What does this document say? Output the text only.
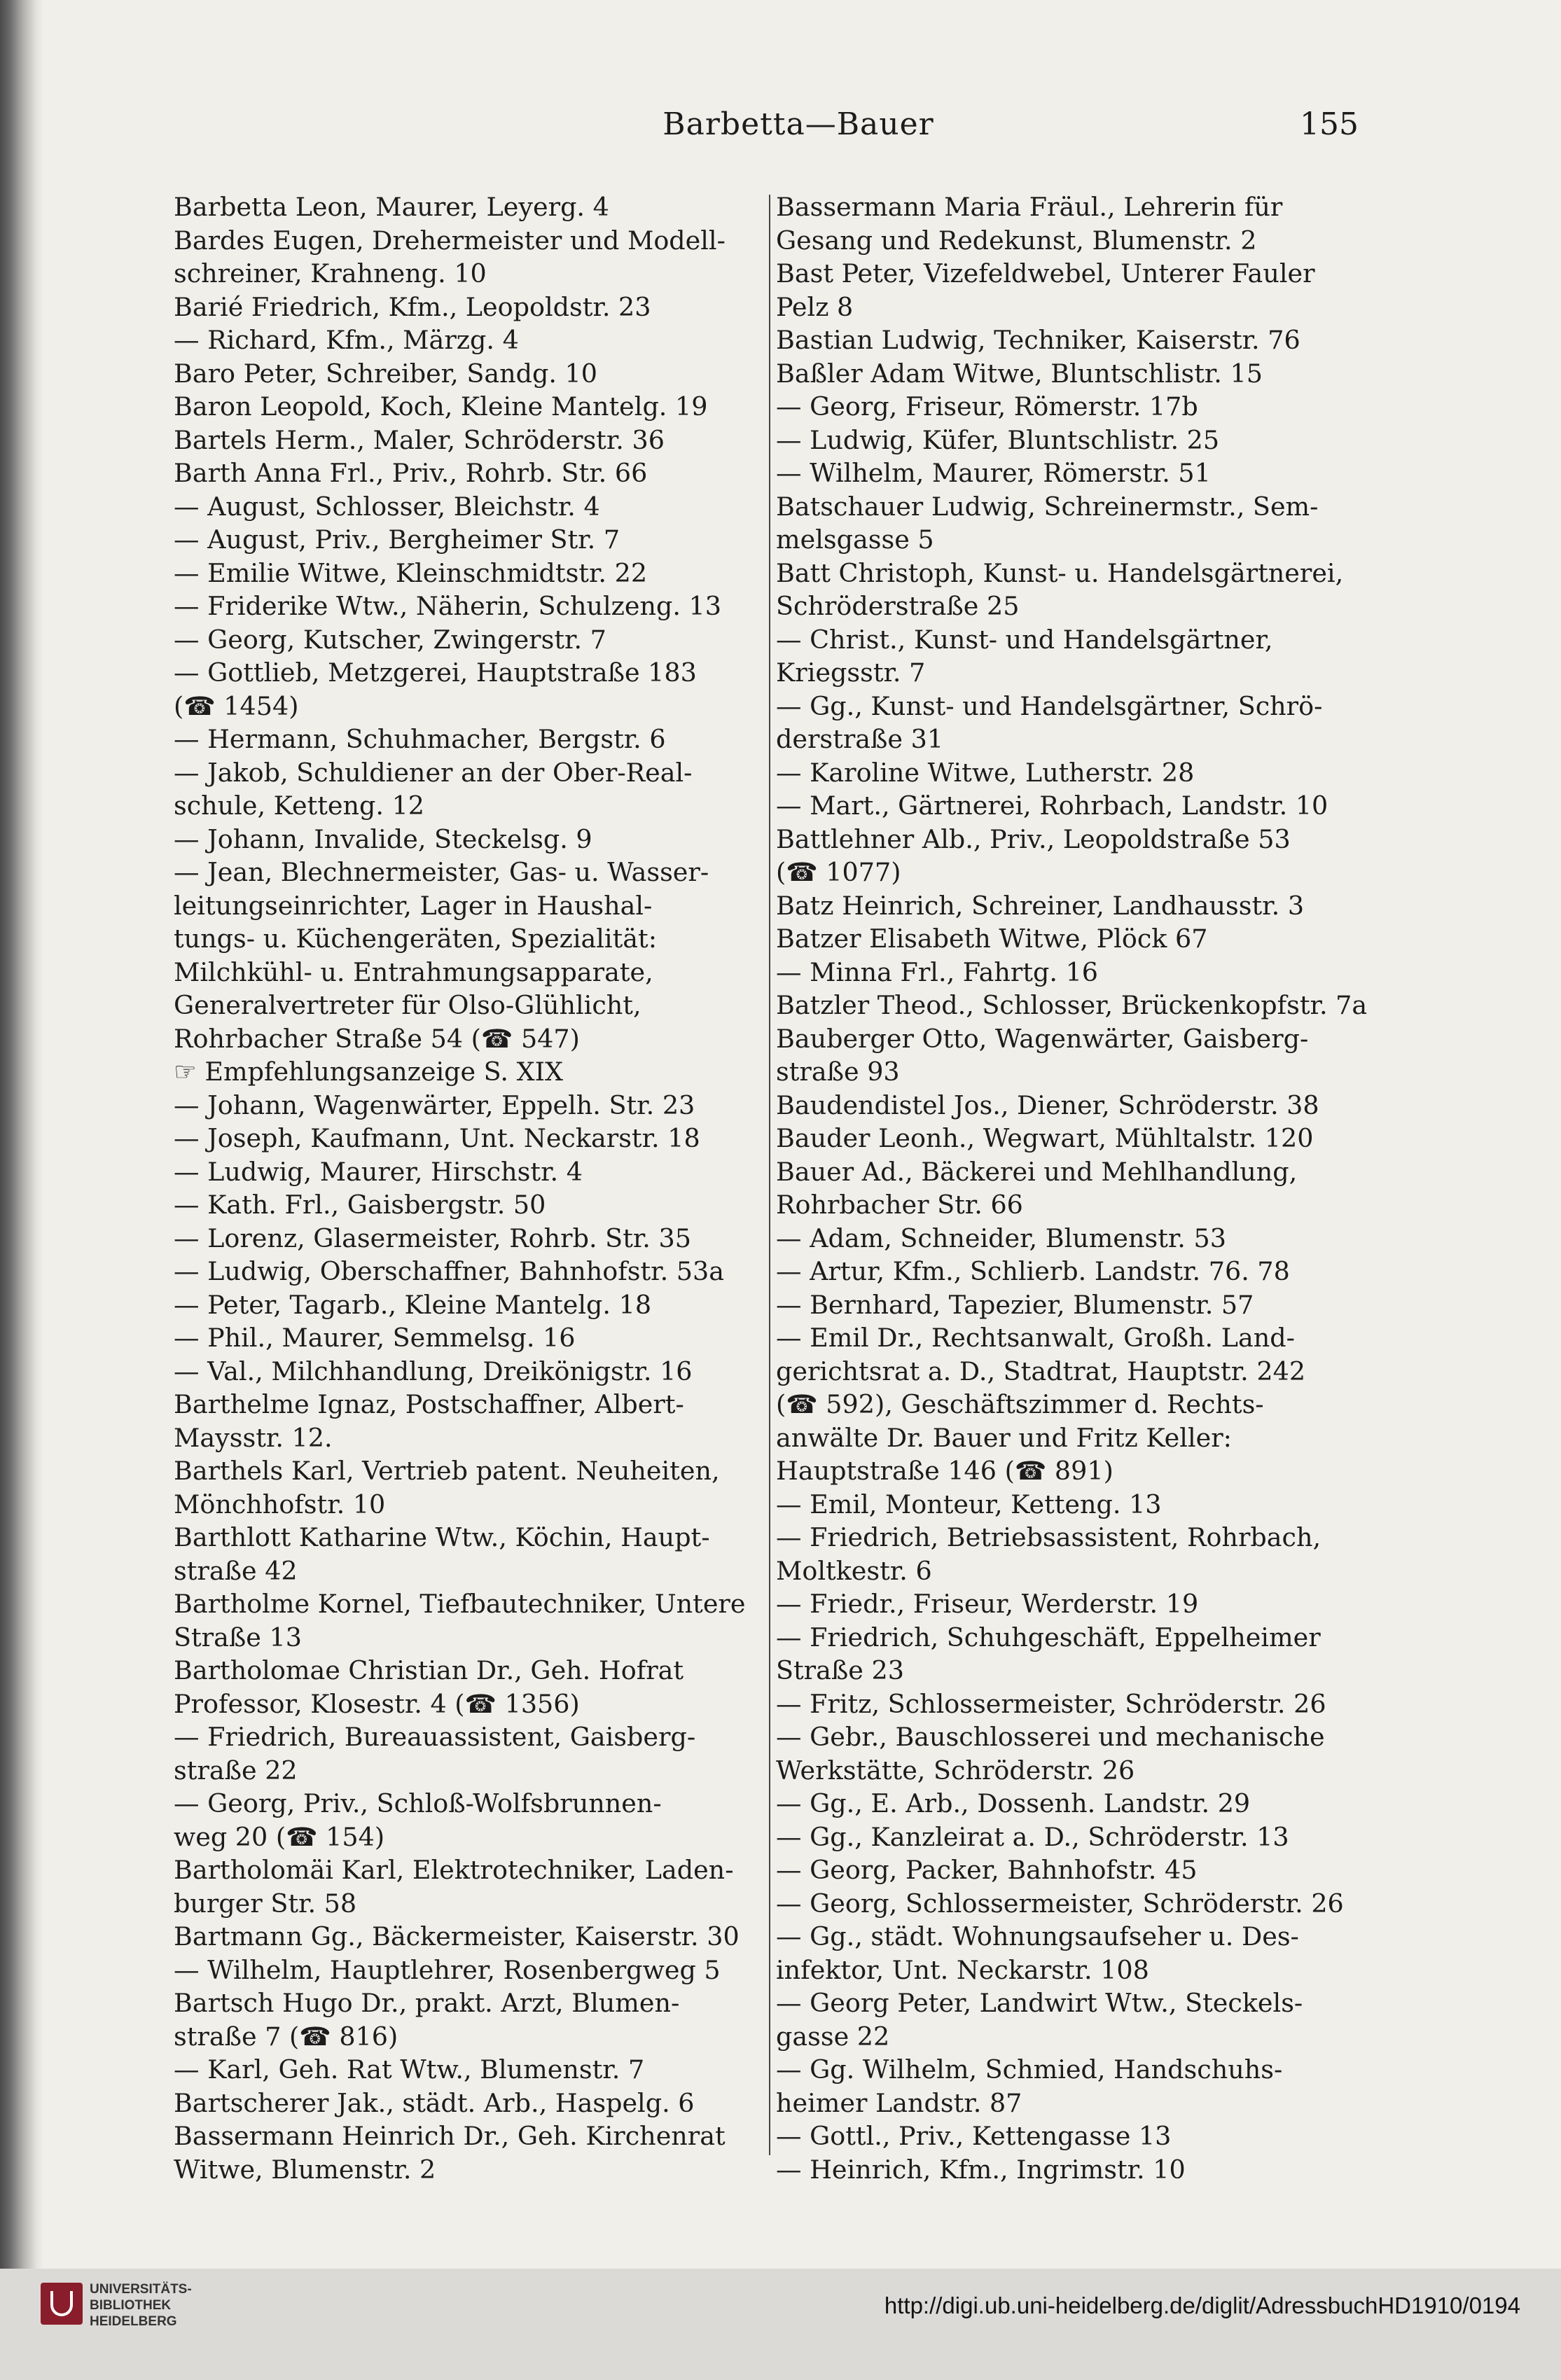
Barbetta—Bauer	155

Barbetta Leon, Maurer, Leyerg. 4

Bardes Eugen, Drehermeister und Modell-

schreiner, Krahneng. 10

Barié Friedrich, Kfm., Leopoldstr. 23

— Richard, Kfm., Märzg. 4

Baro Peter, Schreiber, Sandg. 10

Baron Leopold, Koch, Kleine Mantelg. 19

Bartels Herm., Maler, Schröderstr. 36

Barth Anna Frl., Priv., Rohrb. Str. 66

— August, Schlosser, Bleichstr. 4

— August, Priv., Bergheimer Str. 7

— Emilie Witwe, Kleinschmidtstr. 22

— Friderike Wtw., Näherin, Schulzeng. 13

— Georg, Kutscher, Zwingerstr. 7

— Gottlieb, Metzgerei, Hauptstraße 183

(☎ 1454)

— Hermann, Schuhmacher, Bergstr. 6

— Jakob, Schuldiener an der Ober-Real-

schule, Ketteng. 12

— Johann, Invalide, Steckelsg. 9

— Jean, Blechnermeister, Gas- u. Wasser-

leitungseinrichter, Lager in Haushal-

tungs- u. Küchengeräten, Spezialität:

Milchkühl- u. Entrahmungsapparate,

Generalvertreter für Olso-Glühlicht,

Rohrbacher Straße 54 (☎ 547)

☞ Empfehlungsanzeige S. XIX

— Johann, Wagenwärter, Eppelh. Str. 23

— Joseph, Kaufmann, Unt. Neckarstr. 18

— Ludwig, Maurer, Hirschstr. 4

— Kath. Frl., Gaisbergstr. 50

— Lorenz, Glasermeister, Rohrb. Str. 35

— Ludwig, Oberschaffner, Bahnhofstr. 53a

— Peter, Tagarb., Kleine Mantelg. 18

— Phil., Maurer, Semmelsg. 16

— Val., Milchhandlung, Dreikönigstr. 16

Barthelme Ignaz, Postschaffner, Albert-

Maysstr. 12.

Barthels Karl, Vertrieb patent. Neuheiten,

Mönchhofstr. 10

Barthlott Katharine Wtw., Köchin, Haupt-

straße 42

Bartholme Kornel, Tiefbautechniker, Untere

Straße 13

Bartholomae Christian Dr., Geh. Hofrat

Professor, Klosestr. 4 (☎ 1356)

— Friedrich, Bureauassistent, Gaisberg-

straße 22

— Georg, Priv., Schloß-Wolfsbrunnen-

weg 20 (☎ 154)

Bartholomäi Karl, Elektrotechniker, Laden-

burger Str. 58

Bartmann Gg., Bäckermeister, Kaiserstr. 30

— Wilhelm, Hauptlehrer, Rosenbergweg 5

Bartsch Hugo Dr., prakt. Arzt, Blumen-

straße 7 (☎ 816)

— Karl, Geh. Rat Wtw., Blumenstr. 7

Bartscherer Jak., städt. Arb., Haspelg. 6

Bassermann Heinrich Dr., Geh. Kirchenrat

Witwe, Blumenstr. 2

Bassermann Maria Fräul., Lehrerin für

Gesang und Redekunst, Blumenstr. 2

Bast Peter, Vizefeldwebel, Unterer Fauler

Pelz 8

Bastian Ludwig, Techniker, Kaiserstr. 76

Baßler Adam Witwe, Bluntschlistr. 15

— Georg, Friseur, Römerstr. 17b

— Ludwig, Küfer, Bluntschlistr. 25

— Wilhelm, Maurer, Römerstr. 51

Batschauer Ludwig, Schreinermstr., Sem-

melsgasse 5

Batt Christoph, Kunst- u. Handelsgärtnerei,

Schröderstraße 25

— Christ., Kunst- und Handelsgärtner,

Kriegsstr. 7

— Gg., Kunst- und Handelsgärtner, Schrö-

derstraße 31

— Karoline Witwe, Lutherstr. 28

— Mart., Gärtnerei, Rohrbach, Landstr. 10

Battlehner Alb., Priv., Leopoldstraße 53

(☎ 1077)

Batz Heinrich, Schreiner, Landhausstr. 3

Batzer Elisabeth Witwe, Plöck 67

— Minna Frl., Fahrtg. 16

Batzler Theod., Schlosser, Brückenkopfstr. 7a

Bauberger Otto, Wagenwärter, Gaisberg-

straße 93

Baudendistel Jos., Diener, Schröderstr. 38

Bauder Leonh., Wegwart, Mühltalstr. 120

Bauer Ad., Bäckerei und Mehlhandlung,

Rohrbacher Str. 66

— Adam, Schneider, Blumenstr. 53

— Artur, Kfm., Schlierb. Landstr. 76. 78

— Bernhard, Tapezier, Blumenstr. 57

— Emil Dr., Rechtsanwalt, Großh. Land-

gerichtsrat a. D., Stadtrat, Hauptstr. 242

(☎ 592), Geschäftszimmer d. Rechts-

anwälte Dr. Bauer und Fritz Keller:

Hauptstraße 146 (☎ 891)

— Emil, Monteur, Ketteng. 13

— Friedrich, Betriebsassistent, Rohrbach,

Moltkestr. 6

— Friedr., Friseur, Werderstr. 19

— Friedrich, Schuhgeschäft, Eppelheimer

Straße 23

— Fritz, Schlossermeister, Schröderstr. 26

— Gebr., Bauschlosserei und mechanische

Werkstätte, Schröderstr. 26

— Gg., E. Arb., Dossenh. Landstr. 29

— Gg., Kanzleirat a. D., Schröderstr. 13

— Georg, Packer, Bahnhofstr. 45

— Georg, Schlossermeister, Schröderstr. 26

— Gg., städt. Wohnungsaufseher u. Des-

infektor, Unt. Neckarstr. 108

— Georg Peter, Landwirt Wtw., Steckels-

gasse 22

— Gg. Wilhelm, Schmied, Handschuhs-

heimer Landstr. 87

— Gottl., Priv., Kettengasse 13

— Heinrich, Kfm., Ingrimstr. 10

UNIVERSITÄTS-
BIBLIOTHEK
HEIDELBERG
http://digi.ub.uni-heidelberg.de/diglit/AdressbuchHD1910/0194
